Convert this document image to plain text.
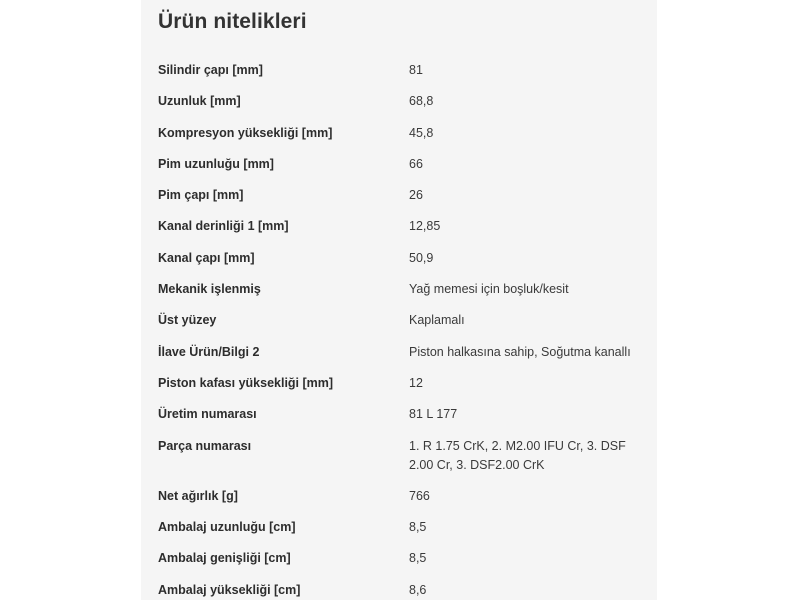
Ürün nitelikleri
Silindir çapı [mm]	81
Uzunluk [mm]	68,8
Kompresyon yüksekliği [mm]	45,8
Pim uzunluğu [mm]	66
Pim çapı [mm]	26
Kanal derinliği 1 [mm]	12,85
Kanal çapı [mm]	50,9
Mekanik işlenmiş	Yağ memesi için boşluk/kesit
Üst yüzey	Kaplamalı
İlave Ürün/Bilgi 2	Piston halkasına sahip, Soğutma kanallı
Piston kafası yüksekliği [mm]	12
Üretim numarası	81 L 177
Parça numarası	1. R 1.75 CrK, 2. M2.00 IFU Cr, 3. DSF 2.00 Cr, 3. DSF2.00 CrK
Net ağırlık [g]	766
Ambalaj uzunluğu [cm]	8,5
Ambalaj genişliği [cm]	8,5
Ambalaj yüksekliği [cm]	8,6
